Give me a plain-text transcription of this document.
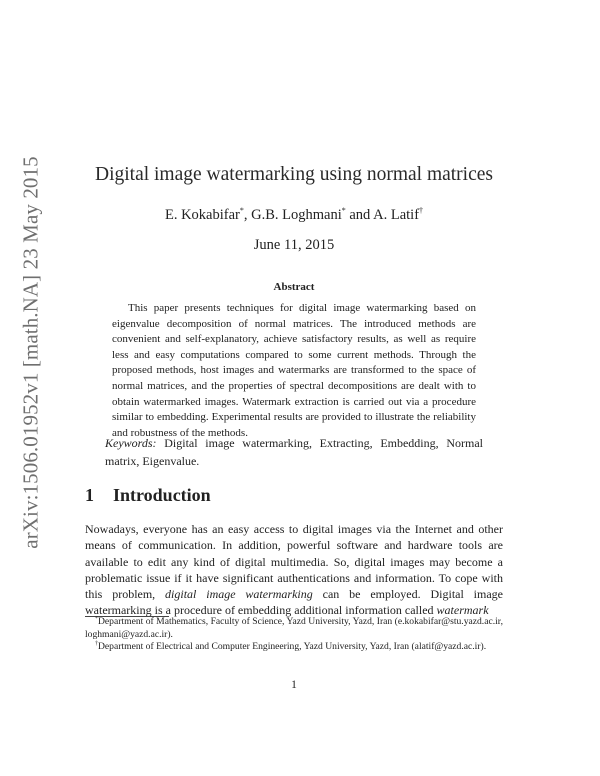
arXiv:1506.01952v1 [math.NA] 23 May 2015	Digital image watermarking using normal matrices
E. Kokabifar*, G.B. Loghmani* and A. Latif†
June 11, 2015
Abstract

This paper presents techniques for digital image watermarking based on eigenvalue decomposition of normal matrices. The introduced methods are convenient and self-explanatory, achieve satisfactory results, as well as require less and easy computations compared to some current methods. Through the proposed methods, host images and watermarks are transformed to the space of normal matrices, and the properties of spectral decompositions are dealt with to obtain watermarked images. Watermark extraction is carried out via a procedure similar to embedding. Experimental results are provided to illustrate the reliability and robustness of the methods.

Keywords: Digital image watermarking, Extracting, Embedding, Normal matrix, Eigenvalue.

1 Introduction

Nowadays, everyone has an easy access to digital images via the Internet and other means of communication. In addition, powerful software and hardware tools are available to edit any kind of digital multimedia. So, digital images may become a problematic issue if it have significant authentications and information. To cope with this problem, digital image watermarking can be employed. Digital image watermarking is a procedure of embedding additional information called watermark

*Department of Mathematics, Faculty of Science, Yazd University, Yazd, Iran (e.kokabifar@stu.yazd.ac.ir, loghmani@yazd.ac.ir).

†Department of Electrical and Computer Engineering, Yazd University, Yazd, Iran (alatif@yazd.ac.ir).

1
